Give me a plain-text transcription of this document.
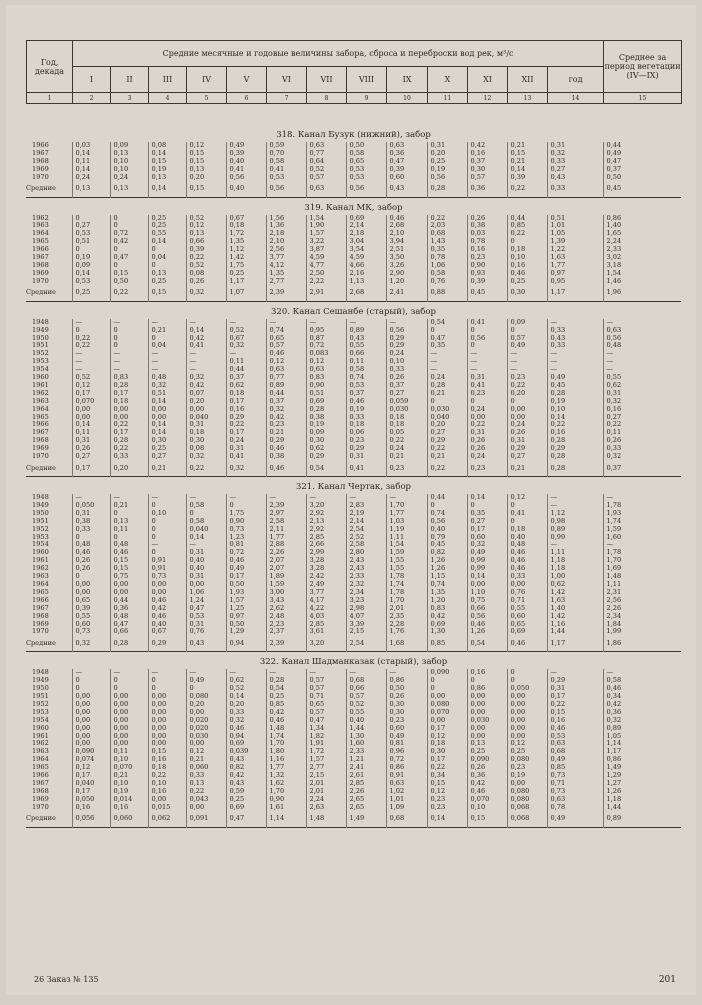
Год, декада	Средние месячные и годовые величины забора, сброса и переброски вод рек, м³/с													Среднее за период вегетации (IV—IX)
	I	II	III	IV	V	VI	VII	VIII	IX	X	XI	XII	год	
1	2	3	4	5	6	7	8	9	10	11	12	13	14	15
318. Канал Бузук (нижний), забор
1966	0,03	0,09	0,08	0,12	0,49	0,59	0,63	0,50	0,63	0,31	0,42	0,21	0,31	0,44
1967	0,14	0,13	0,14	0,15	0,39	0,70	0,77	0,58	0,36	0,20	0,16	0,15	0,32	0,49
1968	0,11	0,10	0,15	0,15	0,40	0,58	0,64	0,65	0,47	0,25	0,37	0,21	0,33	0,47
1969	0,14	0,10	0,19	0,13	0,41	0,41	0,52	0,53	0,39	0,19	0,30	0,14	0,27	0,37
1970	0,24	0,24	0,13	0,20	0,56	0,53	0,57	0,53	0,60	0,56	0,57	0,39	0,43	0,50
Средние	0,13	0,13	0,14	0,15	0,40	0,56	0,63	0,56	0,43	0,28	0,36	0,22	0,33	0,45

319. Канал МК, забор
1962	0	0	0,25	0,52	0,67	1,56	1,54	0,69	0,46	0,22	0,26	0,44	0,51	0,86
1963	0,27	0	0,25	0,12	0,18	1,36	1,90	2,14	2,68	2,03	0,38	0,85	1,01	1,40
1964	0,53	0,72	0,55	0,13	1,72	2,18	1,57	2,18	2,10	0,68	0,03	0,22	1,05	1,65
1965	0,51	0,42	0,14	0,66	1,35	2,10	3,22	3,04	3,94	1,43	0,78	0	1,39	2,24
1966	0	0	0	0,39	1,12	2,56	3,87	3,54	2,51	0,35	0,16	0,18	1,22	2,33
1967	0,19	0,47	0,04	0,22	1,42	3,77	4,59	4,59	3,50	0,78	0,23	0,10	1,63	3,02
1968	0,09	0	0	0,52	1,75	4,12	4,77	4,66	3,26	1,06	0,90	0,16	1,77	3,18
1969	0,14	0,15	0,13	0,08	0,25	1,35	2,50	2,16	2,90	0,58	0,93	0,46	0,97	1,54
1970	0,53	0,50	0,25	0,26	1,17	2,77	2,22	1,13	1,20	0,76	0,39	0,25	0,95	1,46
Средние	0,25	0,22	0,15	0,32	1,07	2,39	2,91	2,68	2,41	0,88	0,45	0,30	1,17	1,96

320. Канал Сешанбе (старый), забор
1948	—	—	—	—	—	—	—	—	—	0,54	0,41	0,09	—	—
1949	0	0	0,21	0,14	0,52	0,74	0,95	0,89	0,56	0	0	0	0,33	0,63
1950	0,22	0	0	0,42	0,67	0,65	0,87	0,43	0,29	0,47	0,56	0,57	0,43	0,56
1951	0,22	0	0,04	0,41	0,32	0,57	0,72	0,55	0,29	0,35	0	0,49	0,33	0,48
1952	—	—	—	—	—	0,46	0,083	0,66	0,24	—	—	—	—	—
1953	—	—	—	—	0,11	0,12	0,12	0,11	0,10	—	—	—	—	—
1954	—	—	—	—	0,44	0,63	0,63	0,58	0,33	—	—	—	—	—
1960	0,52	0,83	0,48	0,32	0,37	0,77	0,83	0,74	0,26	0,24	0,31	0,23	0,49	0,55
1961	0,12	0,28	0,32	0,42	0,62	0,89	0,90	0,53	0,37	0,28	0,41	0,22	0,45	0,62
1962	0,17	0,17	0,51	0,07	0,18	0,44	0,51	0,37	0,27	0,21	0,23	0,20	0,28	0,31
1963	0,070	0,18	0,14	0,20	0,17	0,37	0,69	0,46	0,059	0	0	0	0,19	0,32
1964	0,00	0,00	0,00	0,00	0,16	0,32	0,28	0,19	0,030	0,030	0,24	0,00	0,10	0,16
1965	0,00	0,00	0,00	0,040	0,29	0,42	0,38	0,33	0,18	0,040	0,00	0,00	0,14	0,27
1966	0,14	0,22	0,14	0,31	0,22	0,23	0,19	0,18	0,18	0,20	0,22	0,24	0,22	0,22
1967	0,11	0,17	0,14	0,18	0,17	0,21	0,09	0,06	0,05	0,27	0,31	0,26	0,16	0,11
1968	0,31	0,28	0,30	0,30	0,24	0,29	0,30	0,23	0,22	0,29	0,26	0,31	0,28	0,26
1969	0,26	0,22	0,25	0,08	0,31	0,46	0,62	0,29	0,24	0,22	0,26	0,29	0,29	0,33
1970	0,27	0,33	0,27	0,32	0,41	0,38	0,29	0,31	0,21	0,21	0,24	0,27	0,28	0,32
Средние	0,17	0,20	0,21	0,22	0,32	0,46	0,54	0,41	0,23	0,22	0,23	0,21	0,28	0,37

321. Канал Чертак, забор
1948	—	—	—	—	—	—	—	—	—	0,44	0,14	0,12	—	—
1949	0,050	0,21	0	0,58	0	2,39	3,20	2,83	1,70	0	0	0	—	1,78
1950	0,31	0	0,10	0	1,75	2,97	2,92	2,19	1,77	0,74	0,35	0,41	1,12	1,93
1951	0,38	0,13	0	0,58	0,90	2,58	2,13	2,14	1,03	0,56	0,27	0	0,98	1,74
1952	0,33	0,11	0	0,040	0,73	2,11	2,92	2,54	1,19	0,40	0,17	0,18	0,89	1,59
1953	0	0	0	0,14	1,23	1,77	2,85	2,52	1,11	0,79	0,60	0,40	0,99	1,60
1954	0,48	0,48	—	—	0,81	2,88	2,66	2,58	1,54	0,45	0,32	0,48	—	—
1960	0,46	0,46	0	0,31	0,72	2,26	2,99	2,80	1,59	0,82	0,49	0,46	1,11	1,78
1961	0,26	0,15	0,91	0,40	0,46	2,07	3,28	2,43	1,55	1,26	0,99	0,46	1,18	1,70
1962	0,26	0,15	0,91	0,40	0,49	2,07	3,28	2,43	1,55	1,26	0,99	0,46	1,18	1,69
1963	0	0,75	0,73	0,31	0,17	1,89	2,42	2,33	1,78	1,15	0,14	0,33	1,00	1,48
1964	0,00	0,00	0,00	0,00	0,50	1,59	2,49	2,32	1,74	0,74	0,00	0,00	0,62	1,11
1965	0,00	0,00	0,00	1,06	1,93	3,00	3,77	2,34	1,78	1,35	1,10	0,76	1,42	2,31
1966	0,65	0,44	0,46	1,24	1,57	3,43	4,17	3,23	1,70	1,20	0,75	0,71	1,63	2,56
1967	0,39	0,36	0,42	0,47	1,25	2,62	4,22	2,98	2,01	0,83	0,66	0,55	1,40	2,26
1968	0,55	0,48	0,46	0,53	0,97	2,48	4,03	4,07	2,35	0,42	0,56	0,60	1,42	2,34
1969	0,60	0,47	0,40	0,31	0,50	2,23	2,85	3,39	2,28	0,69	0,46	0,65	1,16	1,84
1970	0,73	0,66	0,67	0,76	1,29	2,37	3,61	2,15	1,76	1,30	1,26	0,69	1,44	1,99
Средние	0,32	0,28	0,29	0,43	0,94	2,39	3,20	2,54	1,68	0,85	0,54	0,46	1,17	1,86

322. Канал Шадманказак (старый), забор
1948	—	—	—	—	—	—	—	—	—	0,090	0,16	0	—	—
1949	0	0	0	0,49	0,62	0,28	0,57	0,68	0,86	0	0	0	0,29	0,58
1950	0	0	0	0	0,52	0,54	0,57	0,66	0,50	0	0,86	0,050	0,31	0,46
1951	0,00	0,00	0,00	0,080	0,14	0,25	0,71	0,57	0,26	0,00	0,00	0,00	0,17	0,34
1952	0,00	0,00	0,00	0,20	0,20	0,85	0,65	0,52	0,30	0,080	0,00	0,00	0,22	0,42
1953	0,00	0,00	0,00	0,00	0,33	0,42	0,57	0,55	0,30	0,070	0,00	0,00	0,15	0,36
1954	0,00	0,00	0,00	0,020	0,32	0,46	0,47	0,40	0,23	0,00	0,030	0,00	0,16	0,32
1960	0,00	0,00	0,00	0,020	0,46	1,48	1,34	1,44	0,60	0,17	0,00	0,00	0,46	0,89
1961	0,00	0,00	0,00	0,030	0,94	1,74	1,82	1,30	0,49	0,12	0,00	0,00	0,53	1,05
1962	0,00	0,00	0,00	0,00	0,69	1,70	1,91	1,60	0,81	0,18	0,13	0,12	0,63	1,14
1963	0,090	0,11	0,15	0,12	0,039	1,80	1,72	2,33	0,96	0,30	0,25	0,25	0,68	1,17
1964	0,074	0,10	0,16	0,21	0,43	1,16	1,57	1,21	0,72	0,17	0,090	0,080	0,49	0,86
1965	0,12	0,070	0,18	0,060	0,82	1,77	2,77	2,41	0,86	0,22	0,26	0,23	0,85	1,49
1966	0,17	0,21	0,22	0,33	0,42	1,32	2,15	2,61	0,91	0,34	0,36	0,19	0,73	1,29
1967	0,040	0,10	0,10	0,13	0,43	1,62	2,01	2,85	0,63	0,15	0,42	0,00	0,71	1,27
1968	0,17	0,19	0,16	0,22	0,59	1,70	2,01	2,26	1,02	0,12	0,46	0,080	0,73	1,26
1969	0,050	0,014	0,00	0,043	0,25	0,90	2,24	2,65	1,01	0,23	0,070	0,080	0,63	1,18
1970	0,16	0,16	0,015	0,00	0,69	1,61	2,63	2,65	1,09	0,23	0,10	0,068	0,78	1,44
Средние	0,056	0,060	0,062	0,091	0,47	1,14	1,48	1,49	0,68	0,14	0,15	0,068	0,49	0,89

26 Заказ № 135	201
